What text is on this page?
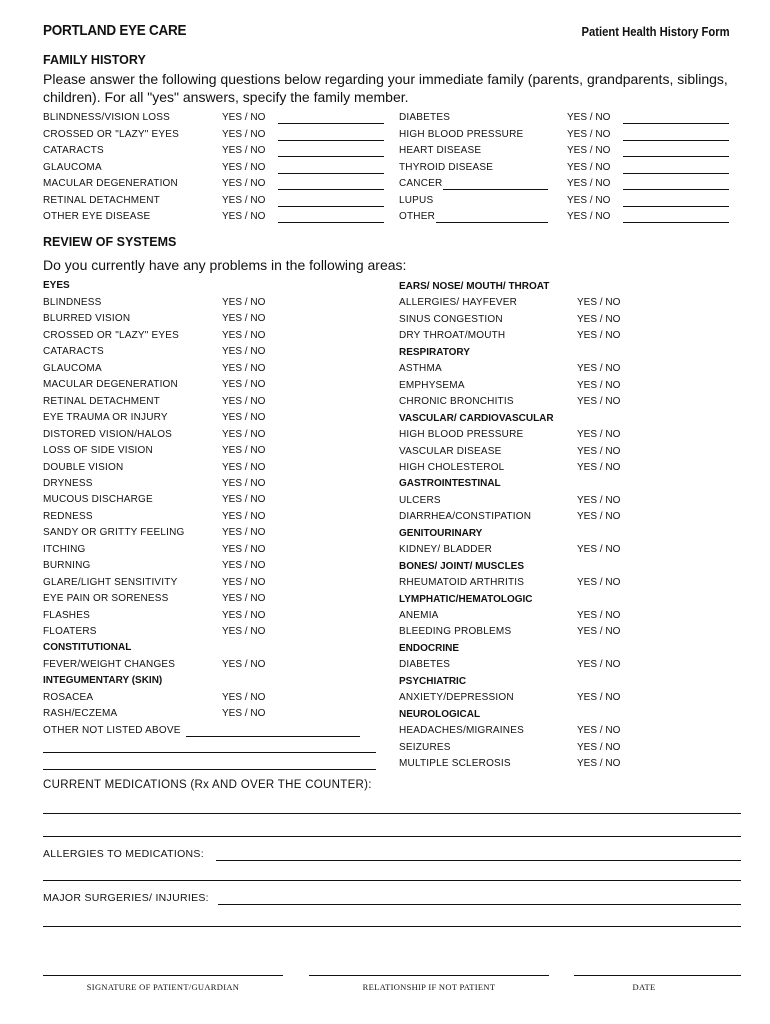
PORTLAND EYE CARE	Patient Health History Form
FAMILY HISTORY
Please answer the following questions below regarding your immediate family (parents, grandparents, siblings, children). For all "yes" answers, specify the family member.
BLINDNESS/VISION LOSS	YES / NO
CROSSED OR "LAZY" EYES	YES / NO
CATARACTS	YES / NO
GLAUCOMA	YES / NO
MACULAR DEGENERATION	YES / NO
RETINAL DETACHMENT	YES / NO
OTHER EYE DISEASE	YES / NO
DIABETES	YES / NO
HIGH BLOOD PRESSURE	YES / NO
HEART DISEASE	YES / NO
THYROID DISEASE	YES / NO
CANCER	YES / NO
LUPUS	YES / NO
OTHER	YES / NO
REVIEW OF SYSTEMS
Do you currently have any problems in the following areas:
EYES
BLINDNESS	YES / NO
BLURRED VISION	YES / NO
CROSSED OR "LAZY" EYES	YES / NO
CATARACTS	YES / NO
GLAUCOMA	YES / NO
MACULAR DEGENERATION	YES / NO
RETINAL DETACHMENT	YES / NO
EYE TRAUMA OR INJURY	YES / NO
DISTORED VISION/HALOS	YES / NO
LOSS OF SIDE VISION	YES / NO
DOUBLE VISION	YES / NO
DRYNESS	YES / NO
MUCOUS DISCHARGE	YES / NO
REDNESS	YES / NO
SANDY OR GRITTY FEELING	YES / NO
ITCHING	YES / NO
BURNING	YES / NO
GLARE/LIGHT SENSITIVITY	YES / NO
EYE PAIN OR SORENESS	YES / NO
FLASHES	YES / NO
FLOATERS	YES / NO
CONSTITUTIONAL
FEVER/WEIGHT CHANGES	YES / NO
INTEGUMENTARY (SKIN)
ROSACEA	YES / NO
RASH/ECZEMA	YES / NO
OTHER NOT LISTED ABOVE
EARS/ NOSE/ MOUTH/ THROAT
ALLERGIES/ HAYFEVER	YES / NO
SINUS CONGESTION	YES / NO
DRY THROAT/MOUTH	YES / NO
RESPIRATORY
ASTHMA	YES / NO
EMPHYSEMA	YES / NO
CHRONIC BRONCHITIS	YES / NO
VASCULAR/ CARDIOVASCULAR
HIGH BLOOD PRESSURE	YES / NO
VASCULAR DISEASE	YES / NO
HIGH CHOLESTEROL	YES / NO
GASTROINTESTINAL
ULCERS	YES / NO
DIARRHEA/CONSTIPATION	YES / NO
GENITOURINARY
KIDNEY/ BLADDER	YES / NO
BONES/ JOINT/ MUSCLES
RHEUMATOID ARTHRITIS	YES / NO
LYMPHATIC/HEMATOLOGIC
ANEMIA	YES / NO
BLEEDING PROBLEMS	YES / NO
ENDOCRINE
DIABETES	YES / NO
PSYCHIATRIC
ANXIETY/DEPRESSION	YES / NO
NEUROLOGICAL
HEADACHES/MIGRAINES	YES / NO
SEIZURES	YES / NO
MULTIPLE SCLEROSIS	YES / NO
CURRENT MEDICATIONS (Rx AND OVER THE COUNTER):
ALLERGIES TO MEDICATIONS:
MAJOR SURGERIES/ INJURIES:
SIGNATURE OF PATIENT/GUARDIAN	RELATIONSHIP IF NOT PATIENT	DATE
